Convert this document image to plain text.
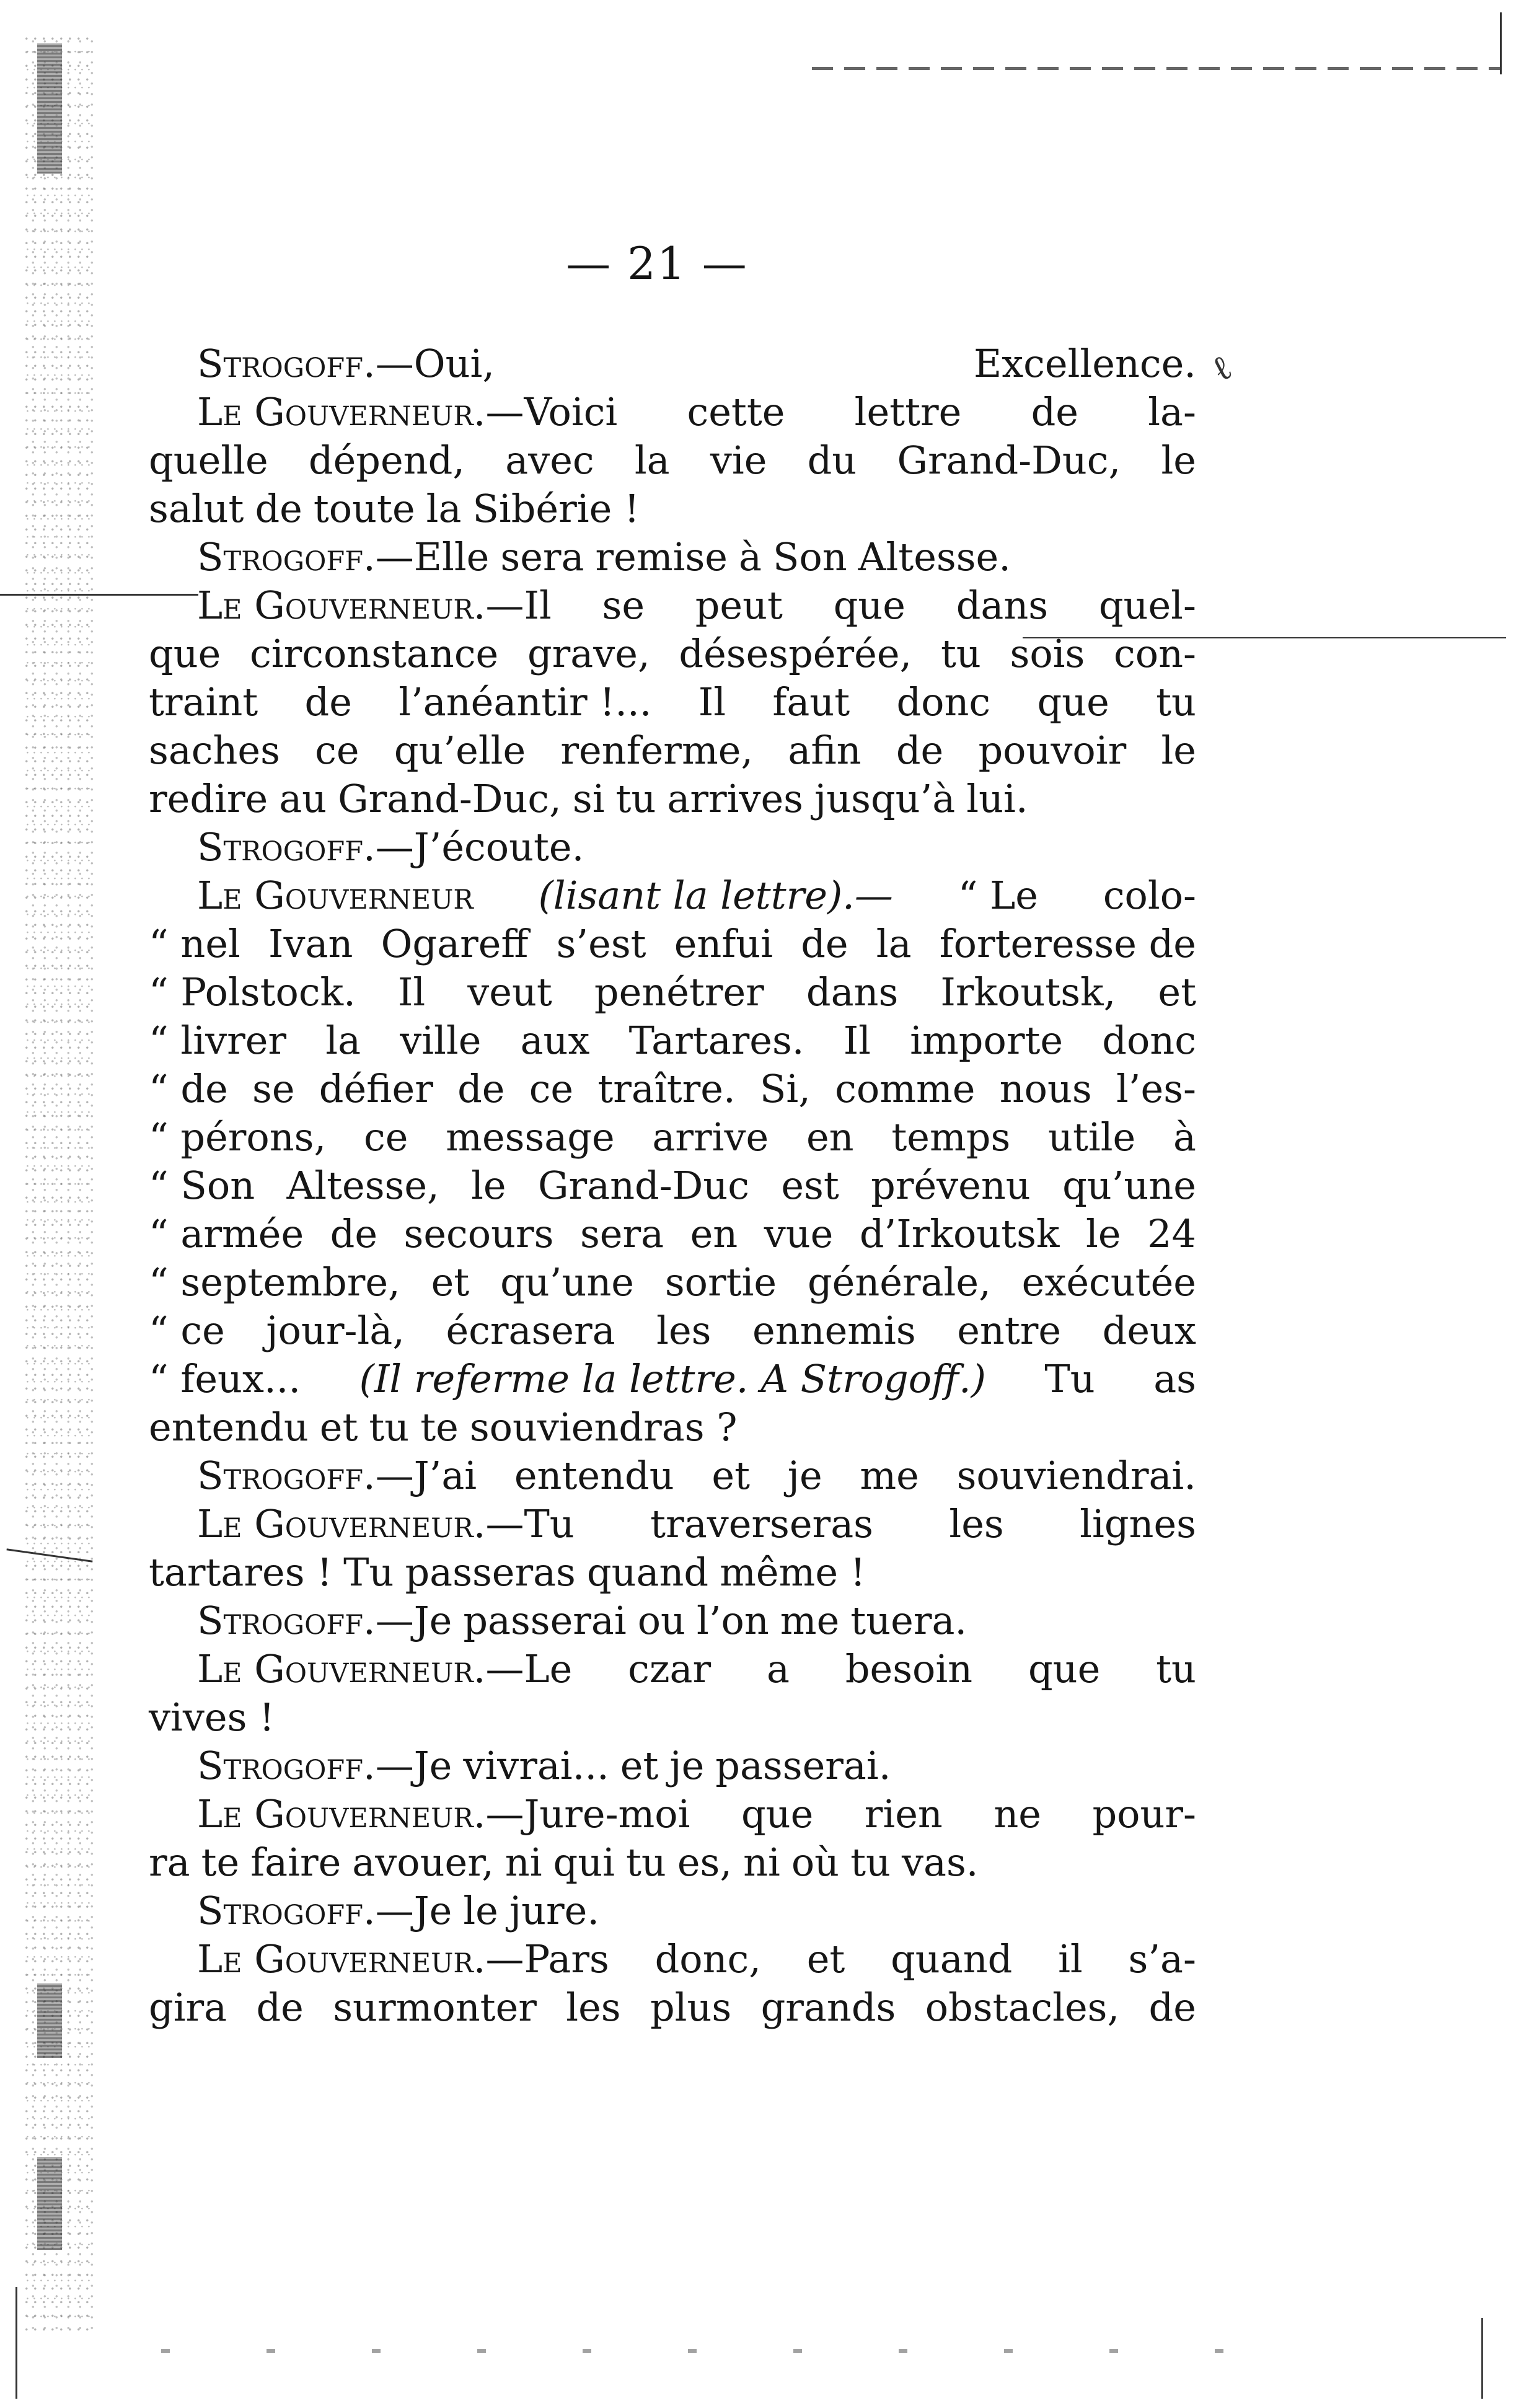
— 21 —
ℓ
Strogoff.—Oui,	Excellence.
Le Gouverneur.—Voici cette lettre de la-
quelle dépend, avec la vie du Grand-Duc, le
salut de toute la Sibérie !
Strogoff.—Elle sera remise à Son Altesse.
Le Gouverneur.—Il se peut que dans quel-
que circonstance grave, désespérée, tu sois con-
traint de l’anéantir !... Il faut donc que tu
saches ce qu’elle renferme, afin de pouvoir le
redire au Grand-Duc, si tu arrives jusqu’à lui.
Strogoff.—J’écoute.
Le Gouverneur (lisant la lettre).— “ Le colo-
“ nel Ivan Ogareff s’est enfui de la forteresse de
“ Polstock. Il veut penétrer dans Irkoutsk, et
“ livrer la ville aux Tartares. Il importe donc
“ de se défier de ce traître. Si, comme nous l’es-
“ pérons, ce message arrive en temps utile à
“ Son Altesse, le Grand-Duc est prévenu qu’une
“ armée de secours sera en vue d’Irkoutsk le 24
“ septembre, et qu’une sortie générale, exécutée
“ ce jour-là, écrasera les ennemis entre deux
“ feux... (Il referme la lettre. A Strogoff.) Tu as
entendu et tu te souviendras ?
Strogoff.—J’ai entendu et je me souviendrai.
Le Gouverneur.—Tu traverseras les lignes
tartares ! Tu passeras quand même !
Strogoff.—Je passerai ou l’on me tuera.
Le Gouverneur.—Le czar a besoin que tu
vives !
Strogoff.—Je vivrai... et je passerai.
Le Gouverneur.—Jure-moi que rien ne pour-
ra te faire avouer, ni qui tu es, ni où tu vas.
Strogoff.—Je le jure.
Le Gouverneur.—Pars donc, et quand il s’a-
gira de surmonter les plus grands obstacles, de
